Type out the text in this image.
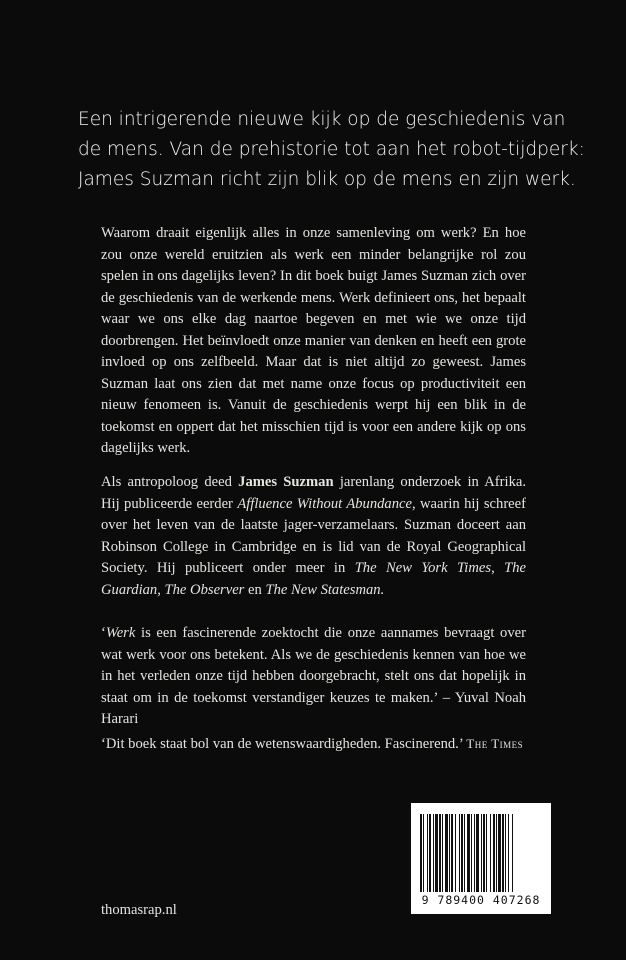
Een intrigerende nieuwe kijk op de geschiedenis van
de mens. Van de prehistorie tot aan het robot-tijdperk:
James Suzman richt zijn blik op de mens en zijn werk.

Waarom draait eigenlijk alles in onze samenleving om werk? En hoe zou onze wereld eruitzien als werk een minder belangrijke rol zou spelen in ons dagelijks leven? In dit boek buigt James Suzman zich over de geschiedenis van de werkende mens. Werk definieert ons, het bepaalt waar we ons elke dag naartoe begeven en met wie we onze tijd doorbrengen. Het beïnvloedt onze manier van denken en heeft een grote invloed op ons zelfbeeld. Maar dat is niet altijd zo geweest. James Suzman laat ons zien dat met name onze focus op productiviteit een nieuw fenomeen is. Vanuit de geschiedenis werpt hij een blik in de toekomst en oppert dat het misschien tijd is voor een andere kijk op ons dagelijks werk.

Als antropoloog deed James Suzman jarenlang onderzoek in Afrika. Hij publiceerde eerder Affluence Without Abundance, waarin hij schreef over het leven van de laatste jager-verzamelaars. Suzman doceert aan Robinson College in Cambridge en is lid van de Royal Geographical Society. Hij publiceert onder meer in The New York Times, The Guardian, The Observer en The New Statesman.

‘Werk is een fascinerende zoektocht die onze aannames bevraagt over wat werk voor ons betekent. Als we de geschiedenis kennen van hoe we in het verleden onze tijd hebben doorgebracht, stelt ons dat hopelijk in staat om in de toekomst verstandiger keuzes te maken.’ – Yuval Noah Harari

‘Dit boek staat bol van de wetenswaardigheden. Fascinerend.’ The Times

thomasrap.nl
9 789400 407268
